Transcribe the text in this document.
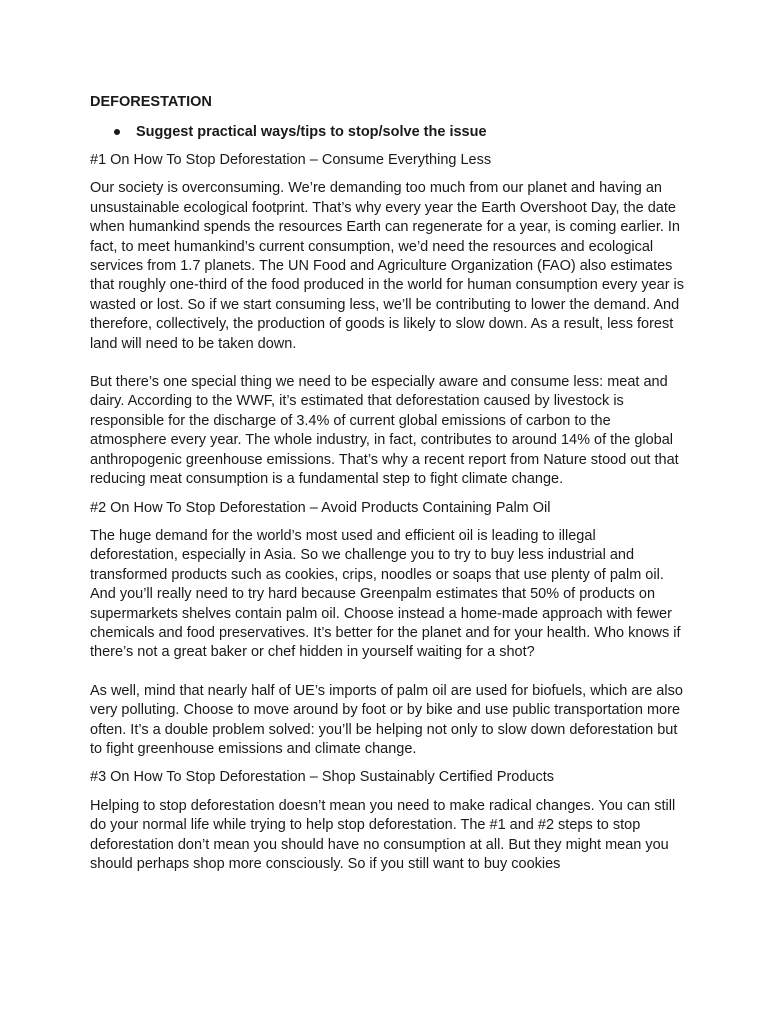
DEFORESTATION
Suggest practical ways/tips to stop/solve the issue

#1 On How To Stop Deforestation – Consume Everything Less

Our society is overconsuming. We’re demanding too much from our planet and having an unsustainable ecological footprint. That’s why every year the Earth Overshoot Day, the date when humankind spends the resources Earth can regenerate for a year, is coming earlier. In fact, to meet humankind’s current consumption, we’d need the resources and ecological services from 1.7 planets. The UN Food and Agriculture Organization (FAO) also estimates that roughly one-third of the food produced in the world for human consumption every year is wasted or lost. So if we start consuming less, we’ll be contributing to lower the demand. And therefore, collectively, the production of goods is likely to slow down. As a result, less forest land will need to be taken down.

But there’s one special thing we need to be especially aware and consume less: meat and dairy. According to the WWF, it’s estimated that deforestation caused by livestock is responsible for the discharge of 3.4% of current global emissions of carbon to the atmosphere every year. The whole industry, in fact, contributes to around 14% of the global anthropogenic greenhouse emissions. That’s why a recent report from Nature stood out that reducing meat consumption is a fundamental step to fight climate change.

#2 On How To Stop Deforestation – Avoid Products Containing Palm Oil

The huge demand for the world’s most used and efficient oil is leading to illegal deforestation, especially in Asia. So we challenge you to try to buy less industrial and transformed products such as cookies, crips, noodles or soaps that use plenty of palm oil. And you’ll really need to try hard because Greenpalm estimates that 50% of products on supermarkets shelves contain palm oil. Choose instead a home-made approach with fewer chemicals and food preservatives. It’s better for the planet and for your health. Who knows if there’s not a great baker or chef hidden in yourself waiting for a shot?

As well, mind that nearly half of UE’s imports of palm oil are used for biofuels, which are also very polluting. Choose to move around by foot or by bike and use public transportation more often. It’s a double problem solved: you’ll be helping not only to slow down deforestation but to fight greenhouse emissions and climate change.

#3 On How To Stop Deforestation – Shop Sustainably Certified Products

Helping to stop deforestation doesn’t mean you need to make radical changes. You can still do your normal life while trying to help stop deforestation. The #1 and #2 steps to stop deforestation don’t mean you should have no consumption at all. But they might mean you should perhaps shop more consciously. So if you still want to buy cookies
